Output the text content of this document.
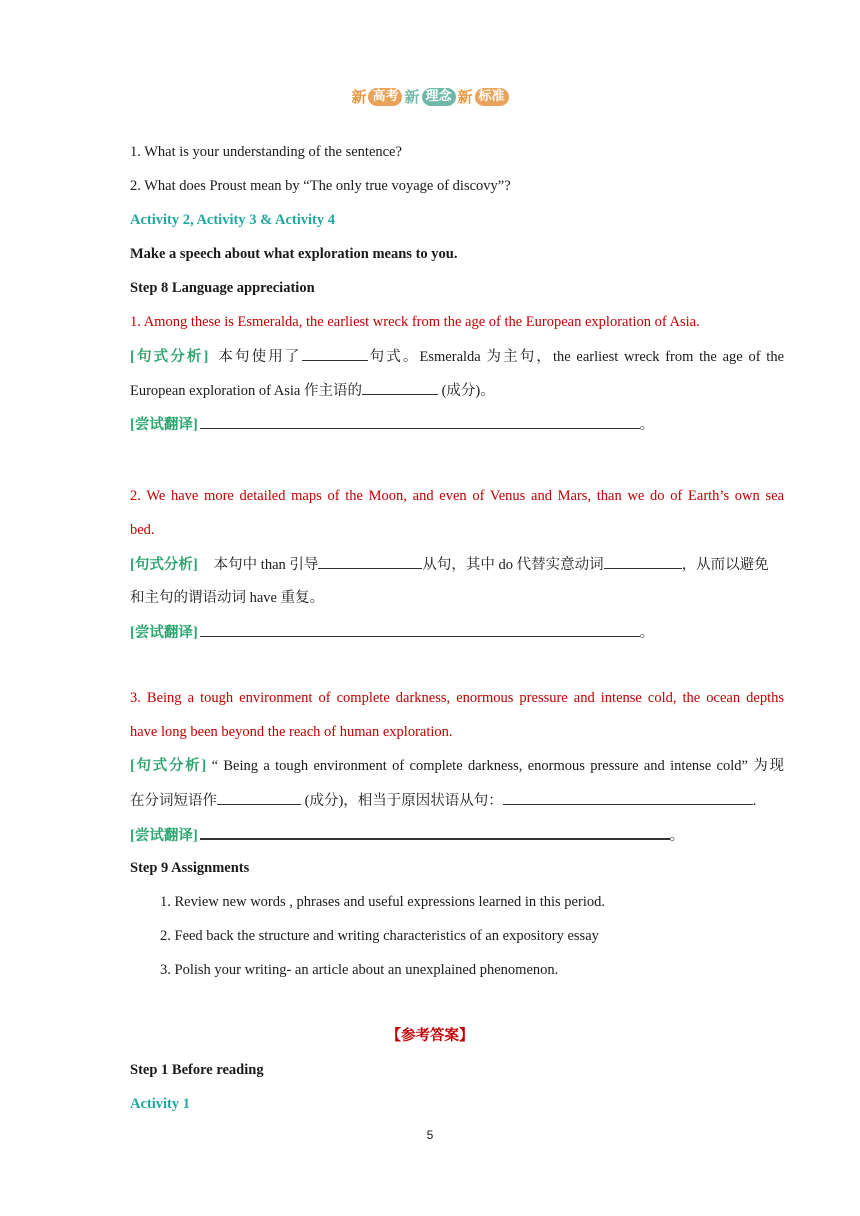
新 高考 新 理念 新 标准
1. What is your understanding of the sentence?
2. What does Proust mean by “The only true voyage of discovy”?
Activity 2, Activity 3 & Activity 4
Make a speech about what exploration means to you.
Step 8 Language appreciation
1. Among these is Esmeralda, the earliest wreck from the age of the European exploration of Asia.
[句式分析] 本句使用了	句式。Esmeralda 为主句，the earliest wreck from the age of the
European exploration of Asia 作主语的	(成分)。
[尝试翻译]	。
2. We have more detailed maps of the Moon, and even of Venus and Mars, than we do of Earth’s own sea
bed.
[句式分析] 本句中 than 引导	从句，其中 do 代替实意动词	，从而以避免
和主句的谓语动词 have 重复。
[尝试翻译]	。
3. Being a tough environment of complete darkness, enormous pressure and intense cold, the ocean depths
have long been beyond the reach of human exploration.
[句式分析] “ Being a tough environment of complete darkness, enormous pressure and intense cold” 为现
在分词短语作	(成分)，相当于原因状语从句：	.
[尝试翻译]	。
Step 9 Assignments
1. Review new words , phrases and useful expressions learned in this period.
2. Feed back the structure and writing characteristics of an expository essay
3. Polish your writing- an article about an unexplained phenomenon.
【参考答案】
Step 1 Before reading
Activity 1
5
